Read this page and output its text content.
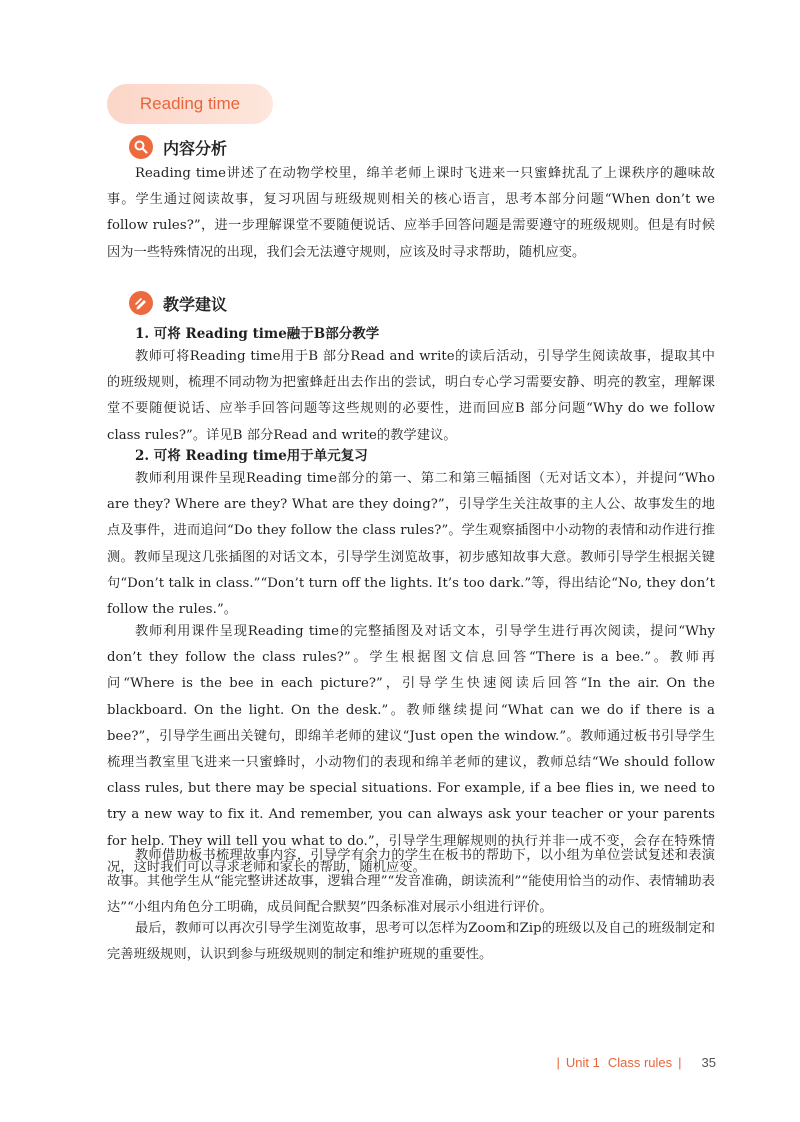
Reading time
内容分析

Reading time讲述了在动物学校里，绵羊老师上课时飞进来一只蜜蜂扰乱了上课秩序的趣味故事。学生通过阅读故事，复习巩固与班级规则相关的核心语言，思考本部分问题“When don’t we follow rules?”，进一步理解课堂不要随便说话、应举手回答问题是需要遵守的班级规则。但是有时候因为一些特殊情况的出现，我们会无法遵守规则，应该及时寻求帮助，随机应变。

教学建议

1. 可将 Reading time融于B部分教学

教师可将Reading time用于B 部分Read and write的读后活动，引导学生阅读故事，提取其中的班级规则，梳理不同动物为把蜜蜂赶出去作出的尝试，明白专心学习需要安静、明亮的教室，理解课堂不要随便说话、应举手回答问题等这些规则的必要性，进而回应B 部分问题“Why do we follow class rules?”。详见B 部分Read and write的教学建议。

2. 可将 Reading time用于单元复习

教师利用课件呈现Reading time部分的第一、第二和第三幅插图（无对话文本），并提问“Who are they? Where are they? What are they doing?”，引导学生关注故事的主人公、故事发生的地点及事件，进而追问“Do they follow the class rules?”。学生观察插图中小动物的表情和动作进行推测。教师呈现这几张插图的对话文本，引导学生浏览故事，初步感知故事大意。教师引导学生根据关键句“Don’t talk in class.”“Don’t turn off the lights. It’s too dark.”等，得出结论“No, they don’t follow the rules.”。

教师利用课件呈现Reading time的完整插图及对话文本，引导学生进行再次阅读，提问“Why don’t they follow the class rules?”。学生根据图文信息回答“There is a bee.”。教师再问“Where is the bee in each picture?”，引导学生快速阅读后回答“In the air. On the blackboard. On the light. On the desk.”。教师继续提问“What can we do if there is a bee?”，引导学生画出关键句，即绵羊老师的建议“Just open the window.”。教师通过板书引导学生梳理当教室里飞进来一只蜜蜂时，小动物们的表现和绵羊老师的建议，教师总结“We should follow class rules, but there may be special situations. For example, if a bee flies in, we need to try a new way to fix it. And remember, you can always ask your teacher or your parents for help. They will tell you what to do.”，引导学生理解规则的执行并非一成不变，会存在特殊情况，这时我们可以寻求老师和家长的帮助，随机应变。

教师借助板书梳理故事内容，引导学有余力的学生在板书的帮助下，以小组为单位尝试复述和表演故事。其他学生从“能完整讲述故事，逻辑合理”“发音准确，朗读流利”“能使用恰当的动作、表情辅助表达”“小组内角色分工明确，成员间配合默契”四条标准对展示小组进行评价。

最后，教师可以再次引导学生浏览故事，思考可以怎样为Zoom和Zip的班级以及自己的班级制定和完善班级规则，认识到参与班级规则的制定和维护班规的重要性。

| Unit 1 Class rules | 35
